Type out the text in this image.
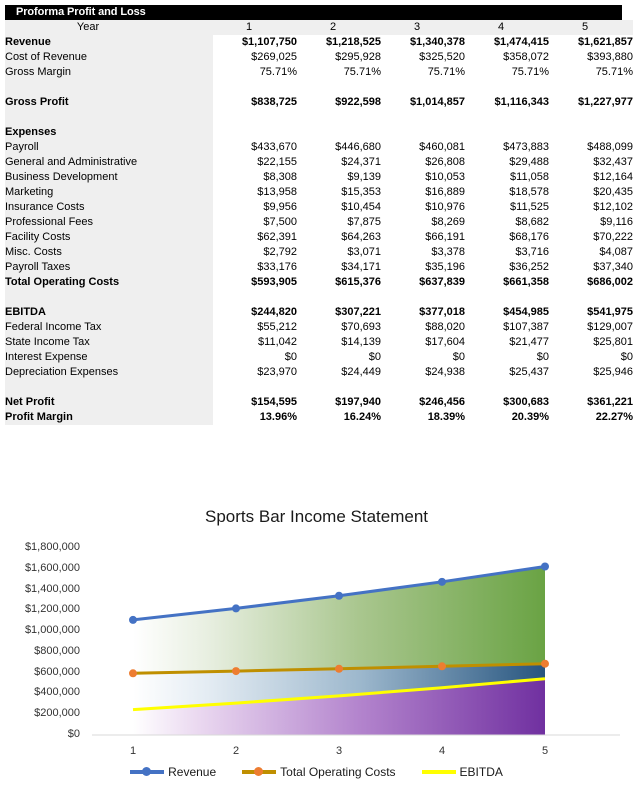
Proforma Profit and Loss
Year	1	2	3	4	5
Revenue	$1,107,750	$1,218,525	$1,340,378	$1,474,415	$1,621,857
Cost of Revenue	$269,025	$295,928	$325,520	$358,072	$393,880
Gross Margin	75.71%	75.71%	75.71%	75.71%	75.71%

Gross Profit	$838,725	$922,598	$1,014,857	$1,116,343	$1,227,977

Expenses					
Payroll	$433,670	$446,680	$460,081	$473,883	$488,099
General and Administrative	$22,155	$24,371	$26,808	$29,488	$32,437
Business Development	$8,308	$9,139	$10,053	$11,058	$12,164
Marketing	$13,958	$15,353	$16,889	$18,578	$20,435
Insurance Costs	$9,956	$10,454	$10,976	$11,525	$12,102
Professional Fees	$7,500	$7,875	$8,269	$8,682	$9,116
Facility Costs	$62,391	$64,263	$66,191	$68,176	$70,222
Misc. Costs	$2,792	$3,071	$3,378	$3,716	$4,087
Payroll Taxes	$33,176	$34,171	$35,196	$36,252	$37,340
Total Operating Costs	$593,905	$615,376	$637,839	$661,358	$686,002

EBITDA	$244,820	$307,221	$377,018	$454,985	$541,975
Federal Income Tax	$55,212	$70,693	$88,020	$107,387	$129,007
State Income Tax	$11,042	$14,139	$17,604	$21,477	$25,801
Interest Expense	$0	$0	$0	$0	$0
Depreciation Expenses	$23,970	$24,449	$24,938	$25,437	$25,946

Net Profit	$154,595	$197,940	$246,456	$300,683	$361,221
Profit Margin	13.96%	16.24%	18.39%	20.39%	22.27%
Sports Bar Income Statement
$1,800,000
$1,600,000
$1,400,000
$1,200,000
$1,000,000
$800,000
$600,000
$400,000
$200,000
$0
1	2	3	4	5
Revenue	Total Operating Costs	EBITDA
